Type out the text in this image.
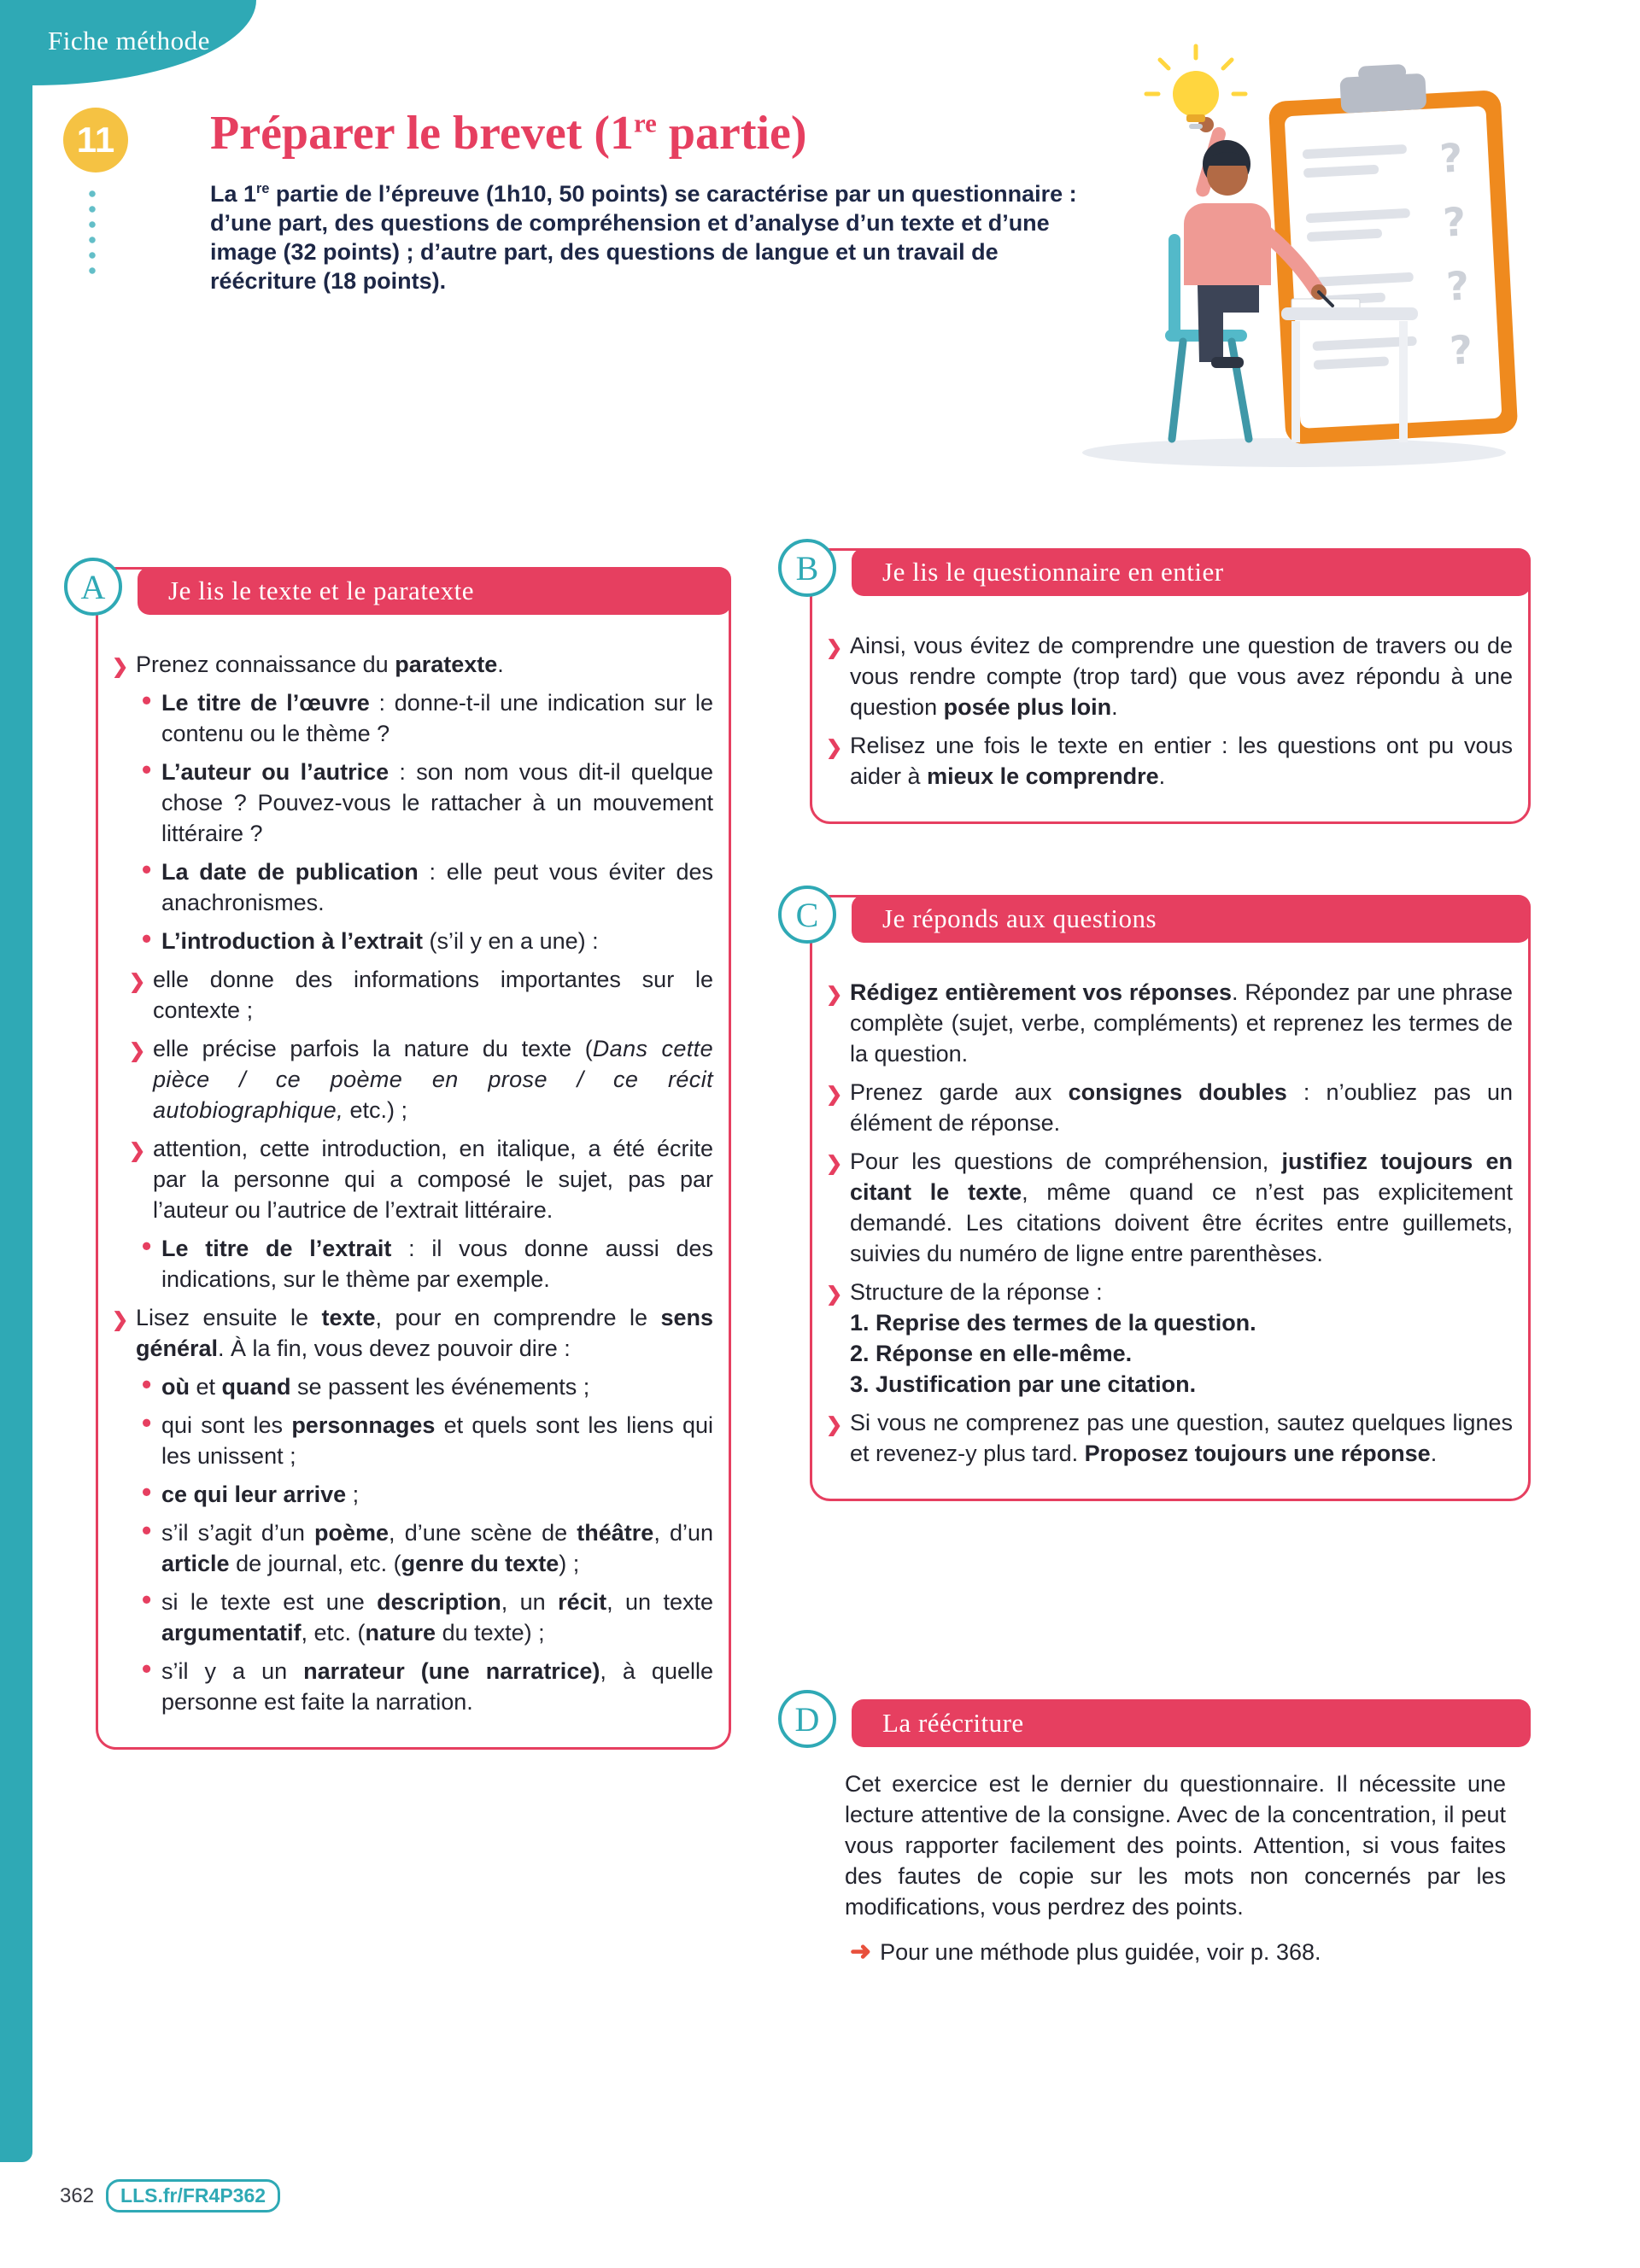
Fiche méthode
11 Préparer le brevet (1re partie)

La 1re partie de l’épreuve (1h10, 50 points) se caractérise par un questionnaire : d’une part, des questions de compréhension et d’analyse d’un texte et d’une image (32 points) ; d’autre part, des questions de langue et un travail de réécriture (18 points).

?
?
?
?
A	Je lis le texte et le paratexte
❯ Prenez connaissance du paratexte.
• Le titre de l’œuvre : donne-t-il une indication sur le contenu ou le thème ?
• L’auteur ou l’autrice : son nom vous dit-il quelque chose ? Pouvez-vous le rattacher à un mouvement littéraire ?
• La date de publication : elle peut vous éviter des anachronismes.
• L’introduction à l’extrait (s’il y en a une) :
❯ elle donne des informations importantes sur le contexte ;
❯ elle précise parfois la nature du texte (Dans cette pièce / ce poème en prose / ce récit autobiographique, etc.) ;
❯ attention, cette introduction, en italique, a été écrite par la personne qui a composé le sujet, pas par l’auteur ou l’autrice de l’extrait littéraire.
• Le titre de l’extrait : il vous donne aussi des indications, sur le thème par exemple.
❯ Lisez ensuite le texte, pour en comprendre le sens général. À la fin, vous devez pouvoir dire :
• où et quand se passent les événements ;
• qui sont les personnages et quels sont les liens qui les unissent ;
• ce qui leur arrive ;
• s’il s’agit d’un poème, d’une scène de théâtre, d’un article de journal, etc. (genre du texte) ;
• si le texte est une description, un récit, un texte argumentatif, etc. (nature du texte) ;
• s’il y a un narrateur (une narratrice), à quelle personne est faite la narration.
B	Je lis le questionnaire en entier
❯ Ainsi, vous évitez de comprendre une question de travers ou de vous rendre compte (trop tard) que vous avez répondu à une question posée plus loin.
❯ Relisez une fois le texte en entier : les questions ont pu vous aider à mieux le comprendre.
C	Je réponds aux questions
❯ Rédigez entièrement vos réponses. Répondez par une phrase complète (sujet, verbe, compléments) et reprenez les termes de la question.
❯ Prenez garde aux consignes doubles : n’oubliez pas un élément de réponse.
❯ Pour les questions de compréhension, justifiez toujours en citant le texte, même quand ce n’est pas explicitement demandé. Les citations doivent être écrites entre guillemets, suivies du numéro de ligne entre parenthèses.
❯ Structure de la réponse :
1. Reprise des termes de la question.
2. Réponse en elle-même.
3. Justification par une citation.
❯ Si vous ne comprenez pas une question, sautez quelques lignes et revenez-y plus tard. Proposez toujours une réponse.
D	La réécriture

Cet exercice est le dernier du questionnaire. Il nécessite une lecture attentive de la consigne. Avec de la concentration, il peut vous rapporter facilement des points. Attention, si vous faites des fautes de copie sur les mots non concernés par les modifications, vous perdrez des points.

➜ Pour une méthode plus guidée, voir p. 368.
362	LLS.fr/FR4P362
